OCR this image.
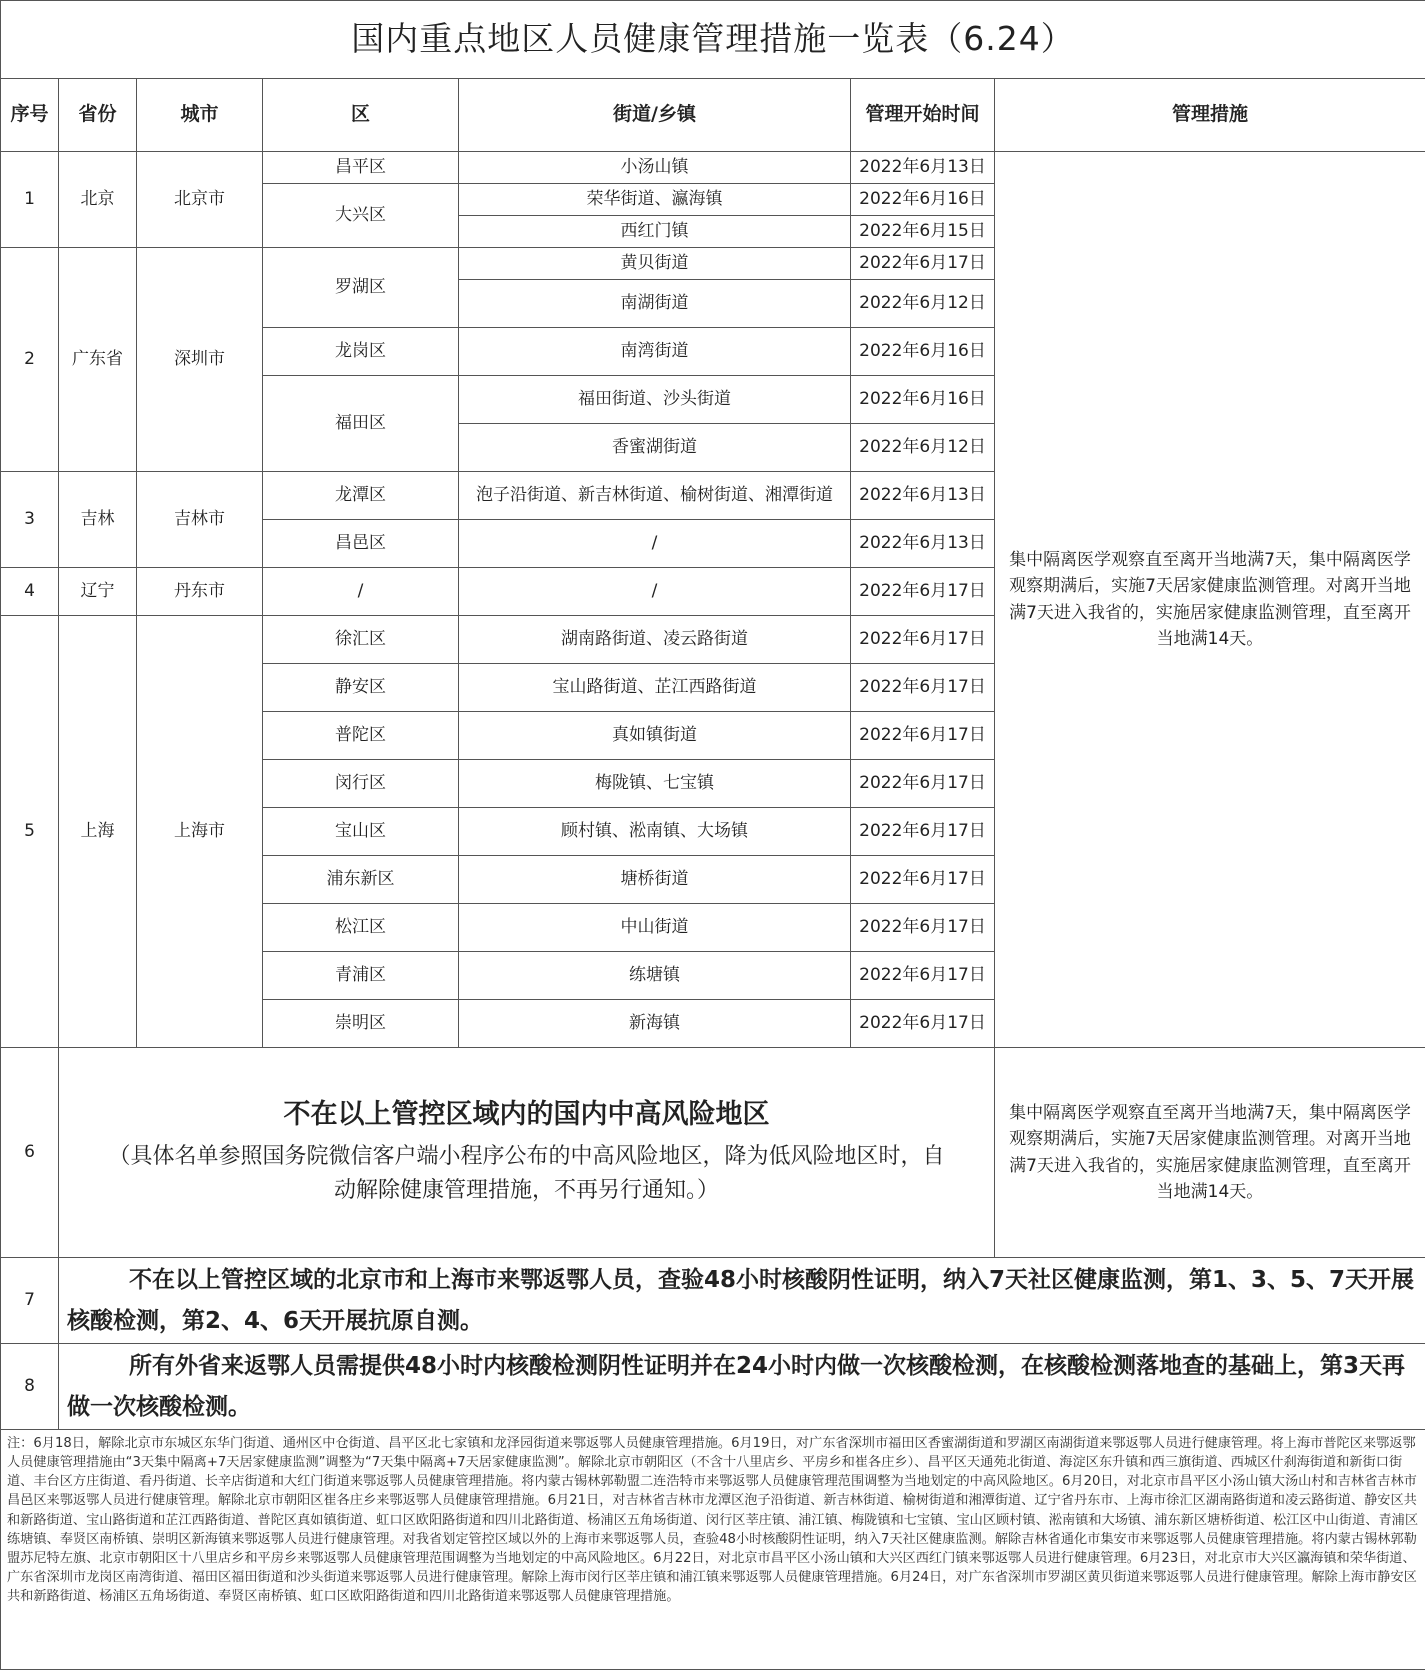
国内重点地区人员健康管理措施一览表（6.24）						
序号	省份	城市	区	街道/乡镇	管理开始时间	管理措施
1	北京	北京市	昌平区	小汤山镇	2022年6月13日	集中隔离医学观察直至离开当地满7天，集中隔离医学观察期满后，实施7天居家健康监测管理。对离开当地满7天进入我省的，实施居家健康监测管理，直至离开当地满14天。
			大兴区	荣华街道、瀛海镇	2022年6月16日	
				西红门镇	2022年6月15日	
2	广东省	深圳市	罗湖区	黄贝街道	2022年6月17日	
				南湖街道	2022年6月12日	
			龙岗区	南湾街道	2022年6月16日	
			福田区	福田街道、沙头街道	2022年6月16日	
				香蜜湖街道	2022年6月12日	
3	吉林	吉林市	龙潭区	泡子沿街道、新吉林街道、榆树街道、湘潭街道	2022年6月13日	
			昌邑区	/	2022年6月13日	
4	辽宁	丹东市	/	/	2022年6月17日	
5	上海	上海市	徐汇区	湖南路街道、凌云路街道	2022年6月17日	
			静安区	宝山路街道、芷江西路街道	2022年6月17日	
			普陀区	真如镇街道	2022年6月17日	
			闵行区	梅陇镇、七宝镇	2022年6月17日	
			宝山区	顾村镇、淞南镇、大场镇	2022年6月17日	
			浦东新区	塘桥街道	2022年6月17日	
			松江区	中山街道	2022年6月17日	
			青浦区	练塘镇	2022年6月17日	
			崇明区	新海镇	2022年6月17日	
6	不在以上管控区域内的国内中高风险地区
（具体名单参照国务院微信客户端小程序公布的中高风险地区，降为低风险地区时，自动解除健康管理措施，不再另行通知。）					集中隔离医学观察直至离开当地满7天，集中隔离医学观察期满后，实施7天居家健康监测管理。对离开当地满7天进入我省的，实施居家健康监测管理，直至离开当地满14天。
7	不在以上管控区域的北京市和上海市来鄂返鄂人员，查验48小时核酸阴性证明，纳入7天社区健康监测，第1、3、5、7天开展核酸检测，第2、4、6天开展抗原自测。					
8	所有外省来返鄂人员需提供48小时内核酸检测阴性证明并在24小时内做一次核酸检测，在核酸检测落地查的基础上，第3天再做一次核酸检测。					
注：6月18日，解除北京市东城区东华门街道、通州区中仓街道、昌平区北七家镇和龙泽园街道来鄂返鄂人员健康管理措施。6月19日，对广东省深圳市福田区香蜜湖街道和罗湖区南湖街道来鄂返鄂人员进行健康管理。将上海市普陀区来鄂返鄂人员健康管理措施由“3天集中隔离+7天居家健康监测”调整为“7天集中隔离+7天居家健康监测”。解除北京市朝阳区（不含十八里店乡、平房乡和崔各庄乡）、昌平区天通苑北街道、海淀区东升镇和西三旗街道、西城区什刹海街道和新街口街道、丰台区方庄街道、看丹街道、长辛店街道和大红门街道来鄂返鄂人员健康管理措施。将内蒙古锡林郭勒盟二连浩特市来鄂返鄂人员健康管理范围调整为当地划定的中高风险地区。6月20日，对北京市昌平区小汤山镇大汤山村和吉林省吉林市昌邑区来鄂返鄂人员进行健康管理。解除北京市朝阳区崔各庄乡来鄂返鄂人员健康管理措施。6月21日，对吉林省吉林市龙潭区泡子沿街道、新吉林街道、榆树街道和湘潭街道、辽宁省丹东市、上海市徐汇区湖南路街道和凌云路街道、静安区共和新路街道、宝山路街道和芷江西路街道、普陀区真如镇街道、虹口区欧阳路街道和四川北路街道、杨浦区五角场街道、闵行区莘庄镇、浦江镇、梅陇镇和七宝镇、宝山区顾村镇、淞南镇和大场镇、浦东新区塘桥街道、松江区中山街道、青浦区练塘镇、奉贤区南桥镇、崇明区新海镇来鄂返鄂人员进行健康管理。对我省划定管控区域以外的上海市来鄂返鄂人员，查验48小时核酸阴性证明，纳入7天社区健康监测。解除吉林省通化市集安市来鄂返鄂人员健康管理措施。将内蒙古锡林郭勒盟苏尼特左旗、北京市朝阳区十八里店乡和平房乡来鄂返鄂人员健康管理范围调整为当地划定的中高风险地区。6月22日，对北京市昌平区小汤山镇和大兴区西红门镇来鄂返鄂人员进行健康管理。6月23日，对北京市大兴区瀛海镇和荣华街道、广东省深圳市龙岗区南湾街道、福田区福田街道和沙头街道来鄂返鄂人员进行健康管理。解除上海市闵行区莘庄镇和浦江镇来鄂返鄂人员健康管理措施。6月24日，对广东省深圳市罗湖区黄贝街道来鄂返鄂人员进行健康管理。解除上海市静安区共和新路街道、杨浦区五角场街道、奉贤区南桥镇、虹口区欧阳路街道和四川北路街道来鄂返鄂人员健康管理措施。						
